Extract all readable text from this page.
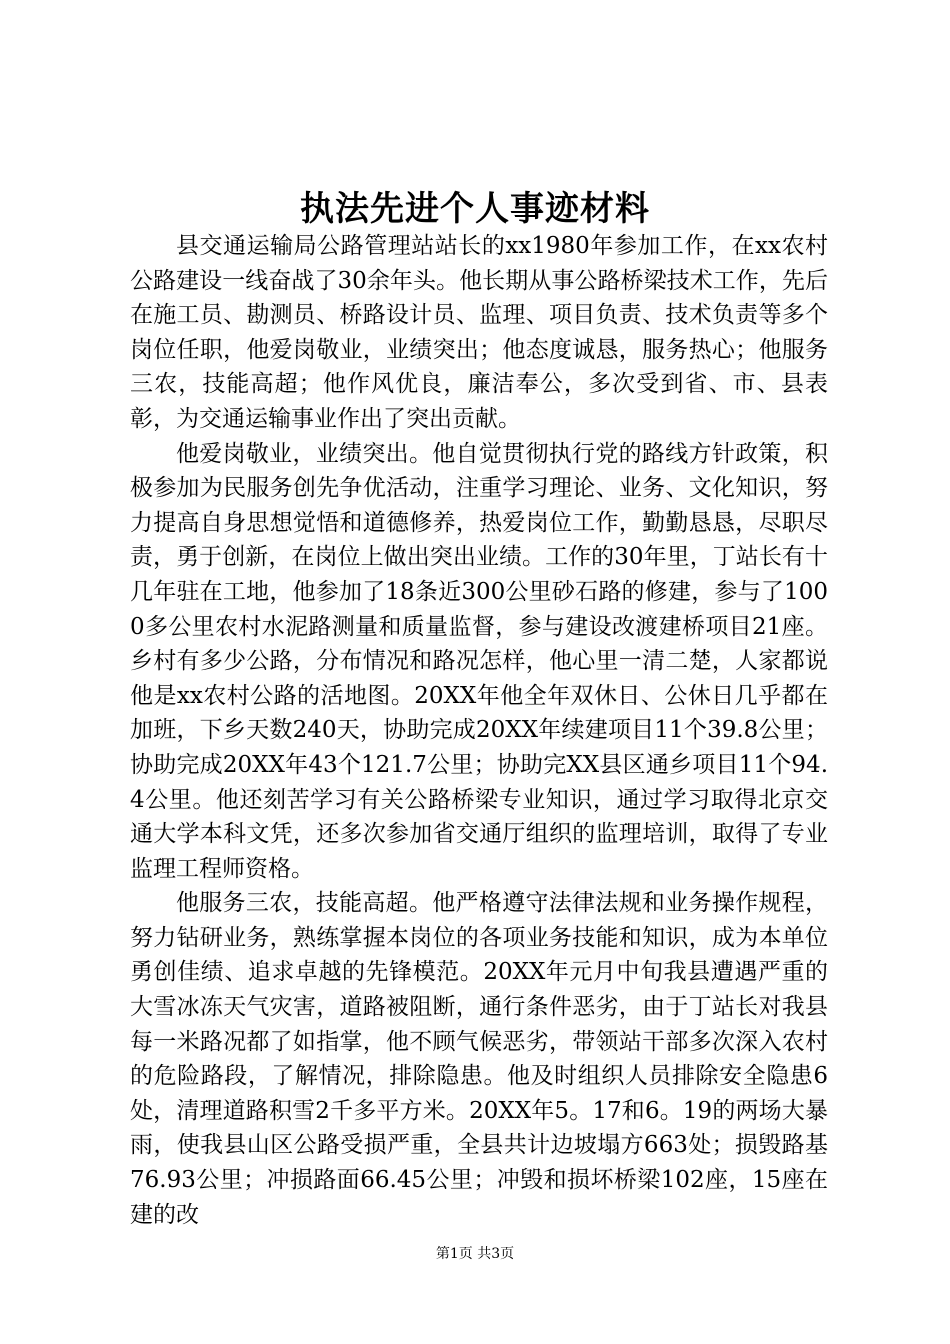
执法先进个人事迹材料

县交通运输局公路管理站站长的xx1980年参加工作，在xx农村公路建设一线奋战了30余年头。他长期从事公路桥梁技术工作，先后在施工员、勘测员、桥路设计员、监理、项目负责、技术负责等多个岗位任职，他爱岗敬业，业绩突出；他态度诚恳，服务热心；他服务三农，技能高超；他作风优良，廉洁奉公，多次受到省、市、县表彰，为交通运输事业作出了突出贡献。

他爱岗敬业，业绩突出。他自觉贯彻执行党的路线方针政策，积极参加为民服务创先争优活动，注重学习理论、业务、文化知识，努力提高自身思想觉悟和道德修养，热爱岗位工作，勤勤恳恳，尽职尽责，勇于创新，在岗位上做出突出业绩。工作的30年里，丁站长有十几年驻在工地，他参加了18条近300公里砂石路的修建，参与了1000多公里农村水泥路测量和质量监督，参与建设改渡建桥项目21座。乡村有多少公路，分布情况和路况怎样，他心里一清二楚，人家都说他是xx农村公路的活地图。20XX年他全年双休日、公休日几乎都在加班，下乡天数240天，协助完成20XX年续建项目11个39.8公里；协助完成20XX年43个121.7公里；协助完XX县区通乡项目11个94.4公里。他还刻苦学习有关公路桥梁专业知识，通过学习取得北京交通大学本科文凭，还多次参加省交通厅组织的监理培训，取得了专业监理工程师资格。

他服务三农，技能高超。他严格遵守法律法规和业务操作规程，努力钻研业务，熟练掌握本岗位的各项业务技能和知识，成为本单位勇创佳绩、追求卓越的先锋模范。20XX年元月中旬我县遭遇严重的大雪冰冻天气灾害，道路被阻断，通行条件恶劣，由于丁站长对我县每一米路况都了如指掌，他不顾气候恶劣，带领站干部多次深入农村的危险路段，了解情况，排除隐患。他及时组织人员排除安全隐患6处，清理道路积雪2千多平方米。20XX年5。17和6。19的两场大暴雨，使我县山区公路受损严重，全县共计边坡塌方663处；损毁路基76.93公里；冲损路面66.45公里；冲毁和损坏桥梁102座，15座在建的改

第1页 共3页
